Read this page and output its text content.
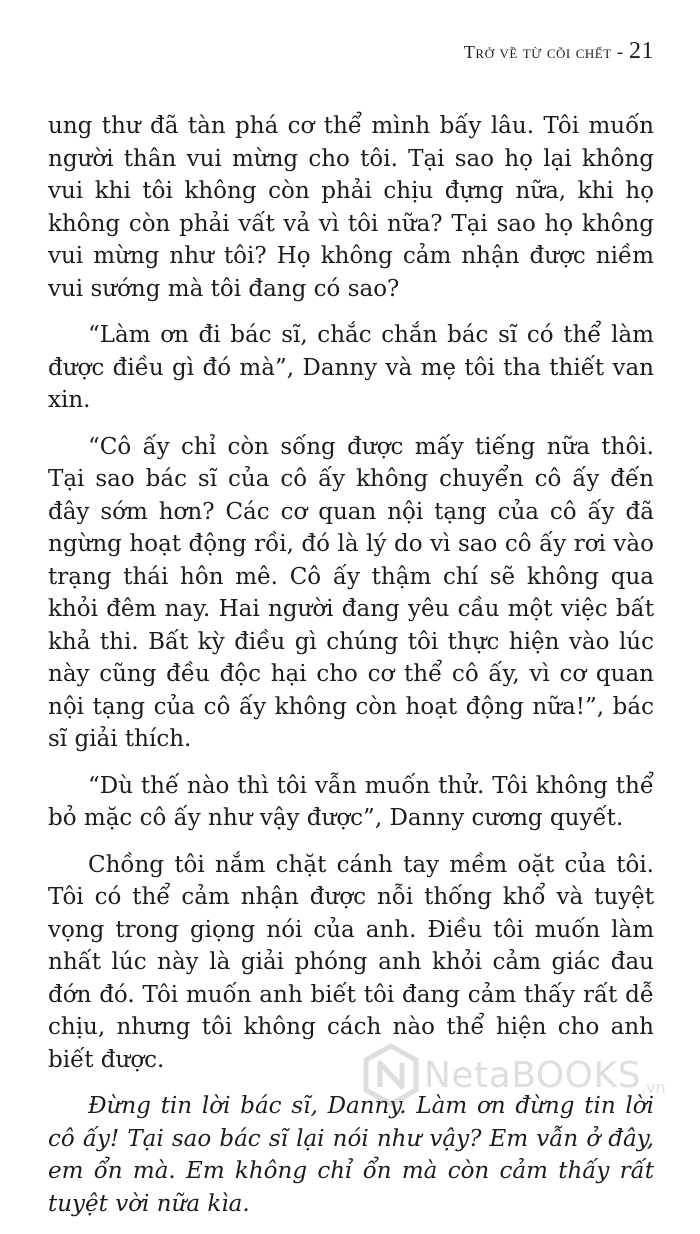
Trở về từ cõi chết - 21

ung thư đã tàn phá cơ thể mình bấy lâu. Tôi muốn người thân vui mừng cho tôi. Tại sao họ lại không vui khi tôi không còn phải chịu đựng nữa, khi họ không còn phải vất vả vì tôi nữa? Tại sao họ không vui mừng như tôi? Họ không cảm nhận được niềm vui sướng mà tôi đang có sao?

“Làm ơn đi bác sĩ, chắc chắn bác sĩ có thể làm được điều gì đó mà”, Danny và mẹ tôi tha thiết van xin.

“Cô ấy chỉ còn sống được mấy tiếng nữa thôi. Tại sao bác sĩ của cô ấy không chuyển cô ấy đến đây sớm hơn? Các cơ quan nội tạng của cô ấy đã ngừng hoạt động rồi, đó là lý do vì sao cô ấy rơi vào trạng thái hôn mê. Cô ấy thậm chí sẽ không qua khỏi đêm nay. Hai người đang yêu cầu một việc bất khả thi. Bất kỳ điều gì chúng tôi thực hiện vào lúc này cũng đều độc hại cho cơ thể cô ấy, vì cơ quan nội tạng của cô ấy không còn hoạt động nữa!”, bác sĩ giải thích.

“Dù thế nào thì tôi vẫn muốn thử. Tôi không thể bỏ mặc cô ấy như vậy được”, Danny cương quyết.

Chồng tôi nắm chặt cánh tay mềm oặt của tôi. Tôi có thể cảm nhận được nỗi thống khổ và tuyệt vọng trong giọng nói của anh. Điều tôi muốn làm nhất lúc này là giải phóng anh khỏi cảm giác đau đớn đó. Tôi muốn anh biết tôi đang cảm thấy rất dễ chịu, nhưng tôi không cách nào thể hiện cho anh biết được.

Đừng tin lời bác sĩ, Danny. Làm ơn đừng tin lời cô ấy! Tại sao bác sĩ lại nói như vậy? Em vẫn ở đây, em ổn mà. Em không chỉ ổn mà còn cảm thấy rất tuyệt vời nữa kìa.

NetaBOOKS .vn
